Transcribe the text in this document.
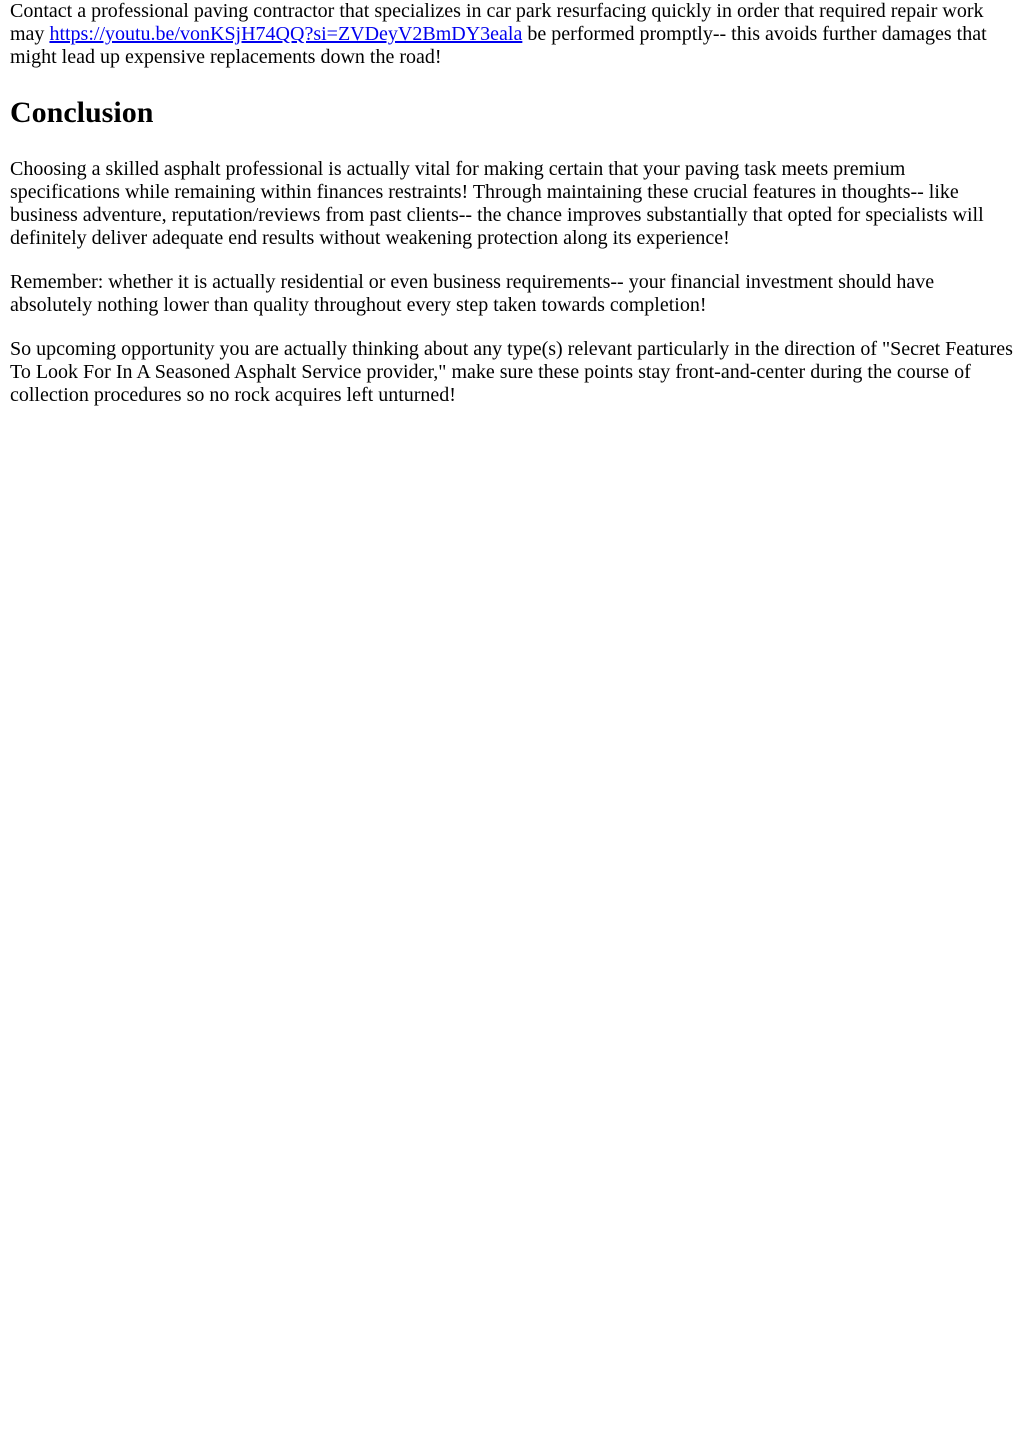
Contact a professional paving contractor that specializes in car park resurfacing quickly in order that required repair work may https://youtu.be/vonKSjH74QQ?si=ZVDeyV2BmDY3eala be performed promptly-- this avoids further damages that might lead up expensive replacements down the road!

Conclusion

Choosing a skilled asphalt professional is actually vital for making certain that your paving task meets premium specifications while remaining within finances restraints! Through maintaining these crucial features in thoughts-- like business adventure, reputation/reviews from past clients-- the chance improves substantially that opted for specialists will definitely deliver adequate end results without weakening protection along its experience!

Remember: whether it is actually residential or even business requirements-- your financial investment should have absolutely nothing lower than quality throughout every step taken towards completion!

So upcoming opportunity you are actually thinking about any type(s) relevant particularly in the direction of "Secret Features To Look For In A Seasoned Asphalt Service provider," make sure these points stay front-and-center during the course of collection procedures so no rock acquires left unturned!
